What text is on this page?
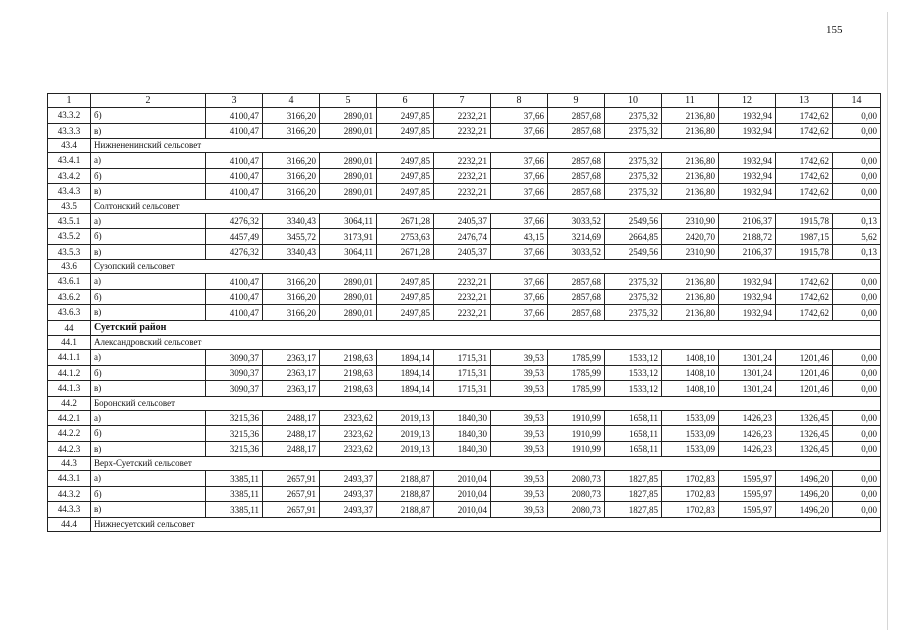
155
1	2	3	4	5	6	7	8	9	10	11	12	13	14
43.3.2	б)	4100,47	3166,20	2890,01	2497,85	2232,21	37,66	2857,68	2375,32	2136,80	1932,94	1742,62	0,00
43.3.3	в)	4100,47	3166,20	2890,01	2497,85	2232,21	37,66	2857,68	2375,32	2136,80	1932,94	1742,62	0,00
43.4	Нижнененинский сельсовет												
43.4.1	а)	4100,47	3166,20	2890,01	2497,85	2232,21	37,66	2857,68	2375,32	2136,80	1932,94	1742,62	0,00
43.4.2	б)	4100,47	3166,20	2890,01	2497,85	2232,21	37,66	2857,68	2375,32	2136,80	1932,94	1742,62	0,00
43.4.3	в)	4100,47	3166,20	2890,01	2497,85	2232,21	37,66	2857,68	2375,32	2136,80	1932,94	1742,62	0,00
43.5	Солтонский сельсовет												
43.5.1	а)	4276,32	3340,43	3064,11	2671,28	2405,37	37,66	3033,52	2549,56	2310,90	2106,37	1915,78	0,13
43.5.2	б)	4457,49	3455,72	3173,91	2753,63	2476,74	43,15	3214,69	2664,85	2420,70	2188,72	1987,15	5,62
43.5.3	в)	4276,32	3340,43	3064,11	2671,28	2405,37	37,66	3033,52	2549,56	2310,90	2106,37	1915,78	0,13
43.6	Сузопский сельсовет												
43.6.1	а)	4100,47	3166,20	2890,01	2497,85	2232,21	37,66	2857,68	2375,32	2136,80	1932,94	1742,62	0,00
43.6.2	б)	4100,47	3166,20	2890,01	2497,85	2232,21	37,66	2857,68	2375,32	2136,80	1932,94	1742,62	0,00
43.6.3	в)	4100,47	3166,20	2890,01	2497,85	2232,21	37,66	2857,68	2375,32	2136,80	1932,94	1742,62	0,00
44	Суетский район												
44.1	Александровский сельсовет												
44.1.1	а)	3090,37	2363,17	2198,63	1894,14	1715,31	39,53	1785,99	1533,12	1408,10	1301,24	1201,46	0,00
44.1.2	б)	3090,37	2363,17	2198,63	1894,14	1715,31	39,53	1785,99	1533,12	1408,10	1301,24	1201,46	0,00
44.1.3	в)	3090,37	2363,17	2198,63	1894,14	1715,31	39,53	1785,99	1533,12	1408,10	1301,24	1201,46	0,00
44.2	Боронский сельсовет												
44.2.1	а)	3215,36	2488,17	2323,62	2019,13	1840,30	39,53	1910,99	1658,11	1533,09	1426,23	1326,45	0,00
44.2.2	б)	3215,36	2488,17	2323,62	2019,13	1840,30	39,53	1910,99	1658,11	1533,09	1426,23	1326,45	0,00
44.2.3	в)	3215,36	2488,17	2323,62	2019,13	1840,30	39,53	1910,99	1658,11	1533,09	1426,23	1326,45	0,00
44.3	Верх-Суетский сельсовет												
44.3.1	а)	3385,11	2657,91	2493,37	2188,87	2010,04	39,53	2080,73	1827,85	1702,83	1595,97	1496,20	0,00
44.3.2	б)	3385,11	2657,91	2493,37	2188,87	2010,04	39,53	2080,73	1827,85	1702,83	1595,97	1496,20	0,00
44.3.3	в)	3385,11	2657,91	2493,37	2188,87	2010,04	39,53	2080,73	1827,85	1702,83	1595,97	1496,20	0,00
44.4	Нижнесуетский сельсовет												
